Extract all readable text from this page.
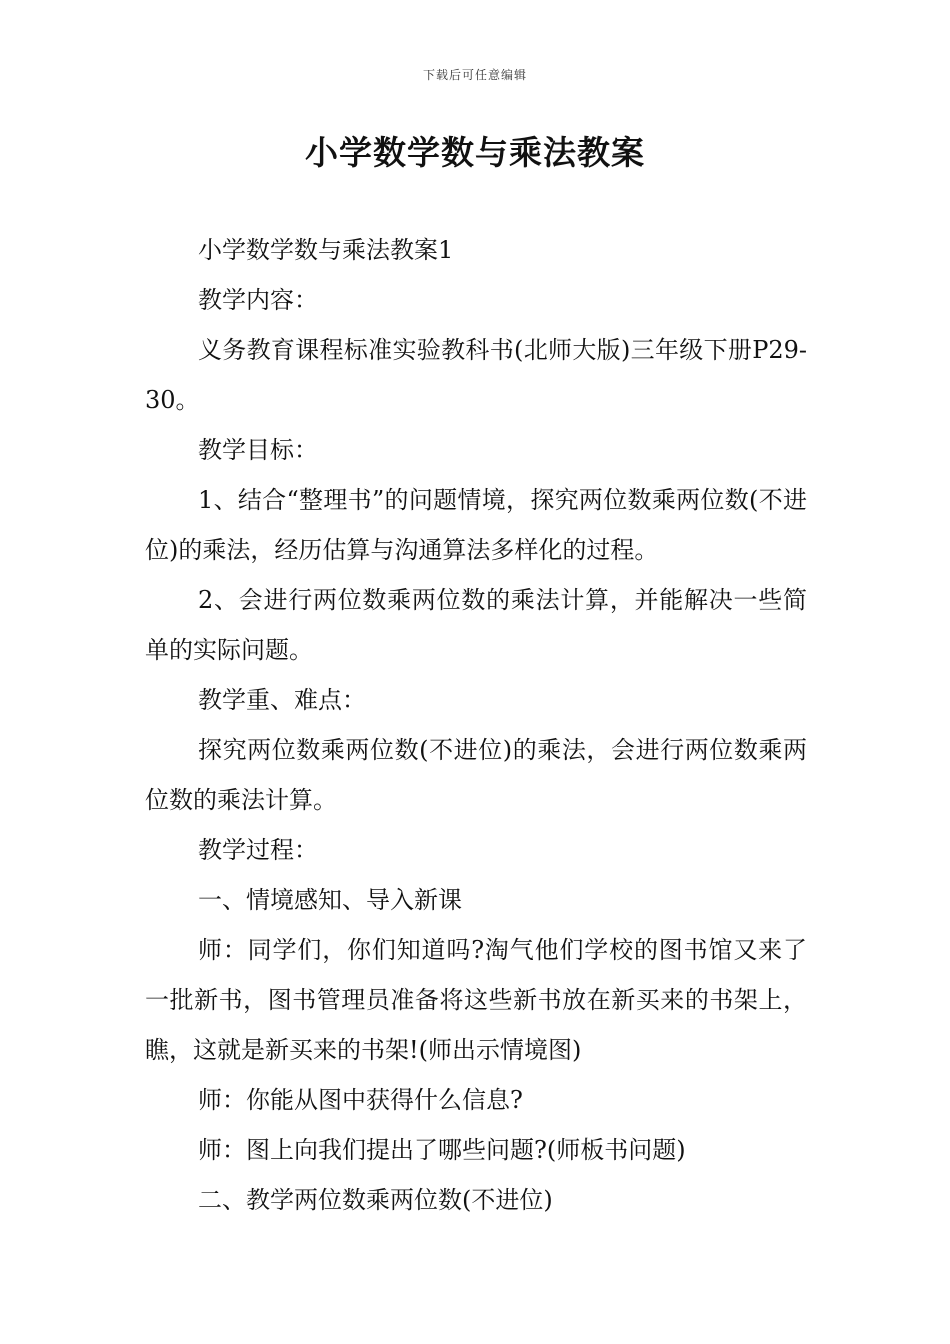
下载后可任意编辑
小学数学数与乘法教案

小学数学数与乘法教案1

教学内容：

义务教育课程标准实验教科书(北师大版)三年级下册P29-30。

教学目标：

1、结合“整理书”的问题情境，探究两位数乘两位数(不进位)的乘法，经历估算与沟通算法多样化的过程。

2、会进行两位数乘两位数的乘法计算，并能解决一些简单的实际问题。

教学重、难点：

探究两位数乘两位数(不进位)的乘法，会进行两位数乘两位数的乘法计算。

教学过程：

一、情境感知、导入新课

师：同学们，你们知道吗?淘气他们学校的图书馆又来了一批新书，图书管理员准备将这些新书放在新买来的书架上，瞧，这就是新买来的书架!(师出示情境图)

师：你能从图中获得什么信息?

师：图上向我们提出了哪些问题?(师板书问题)

二、教学两位数乘两位数(不进位)
